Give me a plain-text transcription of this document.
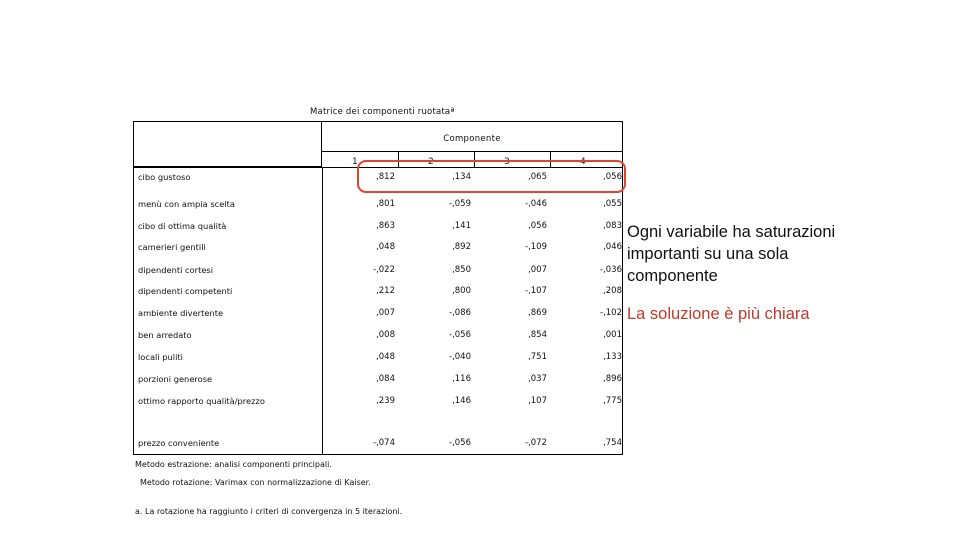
Matrice dei componenti ruotataª
Componente
1	2	3	4
cibo gustoso	,812	,134	,065	,056
menù con ampia scelta	,801	-,059	-,046	,055
cibo di ottima qualità	,863	,141	,056	,083
camerieri gentili	,048	,892	-,109	,046
dipendenti cortesi	-,022	,850	,007	-,036
dipendenti competenti	,212	,800	-,107	,208
ambiente divertente	,007	-,086	,869	-,102
ben arredato	,008	-,056	,854	,001
locali puliti	,048	-,040	,751	,133
porzioni generose	,084	,116	,037	,896
ottimo rapporto qualità/prezzo	,239	,146	,107	,775
prezzo conveniente	-,074	-,056	-,072	,754
Metodo estrazione: analisi componenti principali.
Metodo rotazione: Varimax con normalizzazione di Kaiser.
a. La rotazione ha raggiunto i criteri di convergenza in 5 iterazioni.
Ogni variabile ha saturazioni importanti su una sola componente
La soluzione è più chiara
